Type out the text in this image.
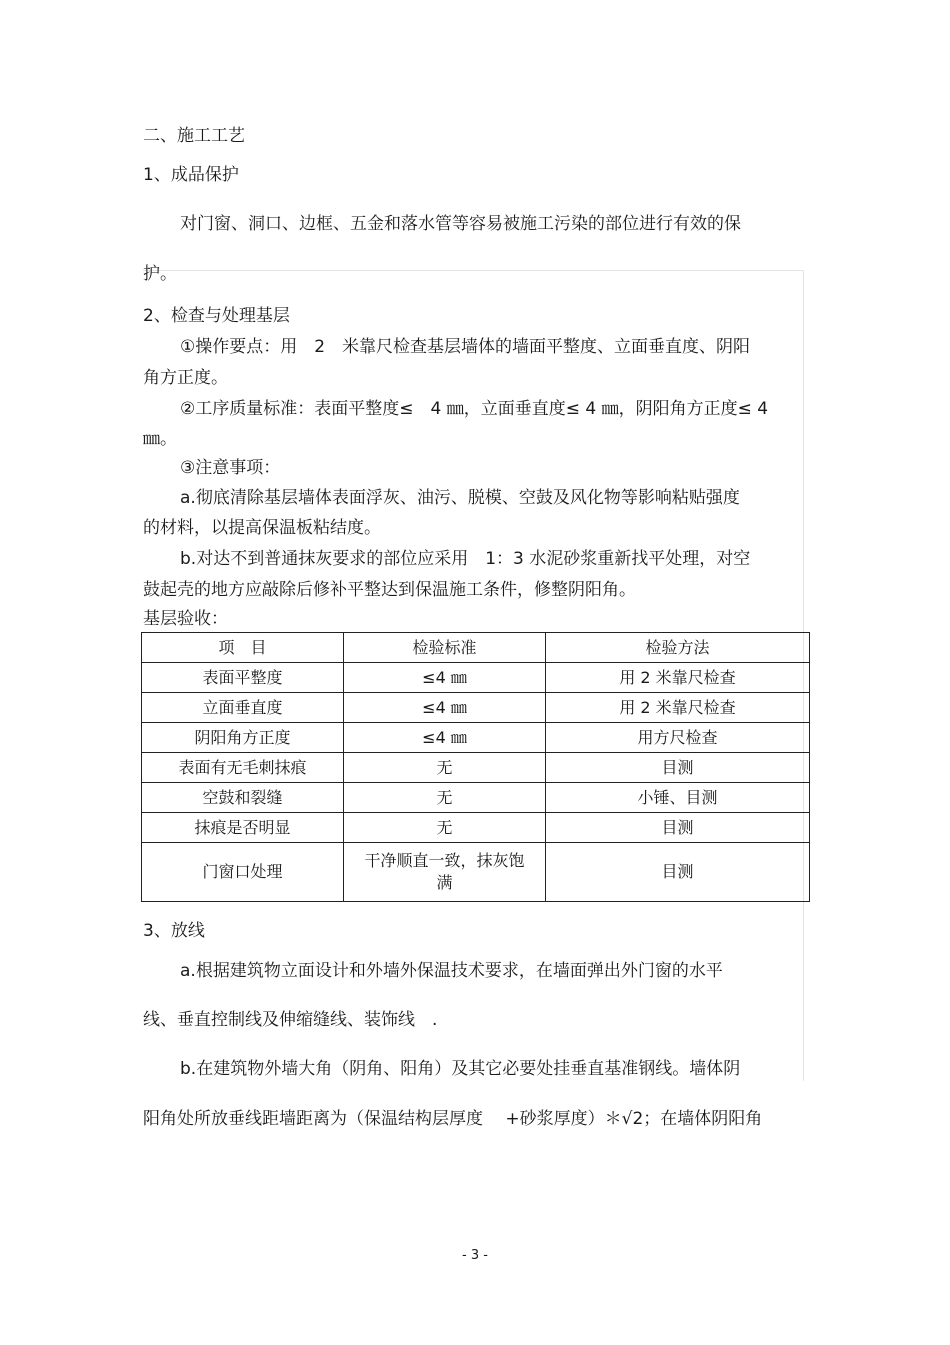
二、施工工艺
1、成品保护
对门窗、洞口、边框、五金和落水管等容易被施工污染的部位进行有效的保
护。
2、检查与处理基层
①操作要点：用　2　米靠尺检查基层墙体的墙面平整度、立面垂直度、阴阳
角方正度。
②工序质量标准：表面平整度≤　4 ㎜，立面垂直度≤ 4 ㎜，阴阳角方正度≤ 4
㎜。
③注意事项：
a.彻底清除基层墙体表面浮灰、油污、脱模、空鼓及风化物等影响粘贴强度
的材料，以提高保温板粘结度。
b.对达不到普通抹灰要求的部位应采用　1：3 水泥砂浆重新找平处理，对空
鼓起壳的地方应敲除后修补平整达到保温施工条件，修整阴阳角。
基层验收：
项　目	检验标准	检验方法
表面平整度	≤4 ㎜	用 2 米靠尺检查
立面垂直度	≤4 ㎜	用 2 米靠尺检查
阴阳角方正度	≤4 ㎜	用方尺检查
表面有无毛刺抹痕	无	目测
空鼓和裂缝	无	小锤、目测
抹痕是否明显	无	目测
门窗口处理	干净顺直一致，抹灰饱
满	目测
3、放线
a.根据建筑物立面设计和外墙外保温技术要求，在墙面弹出外门窗的水平
线、垂直控制线及伸缩缝线、装饰线　.
b.在建筑物外墙大角（阴角、阳角）及其它必要处挂垂直基准钢线。墙体阴
阳角处所放垂线距墙距离为（保温结构层厚度　 +砂浆厚度）＊√2；在墙体阴阳角
- 3 -
